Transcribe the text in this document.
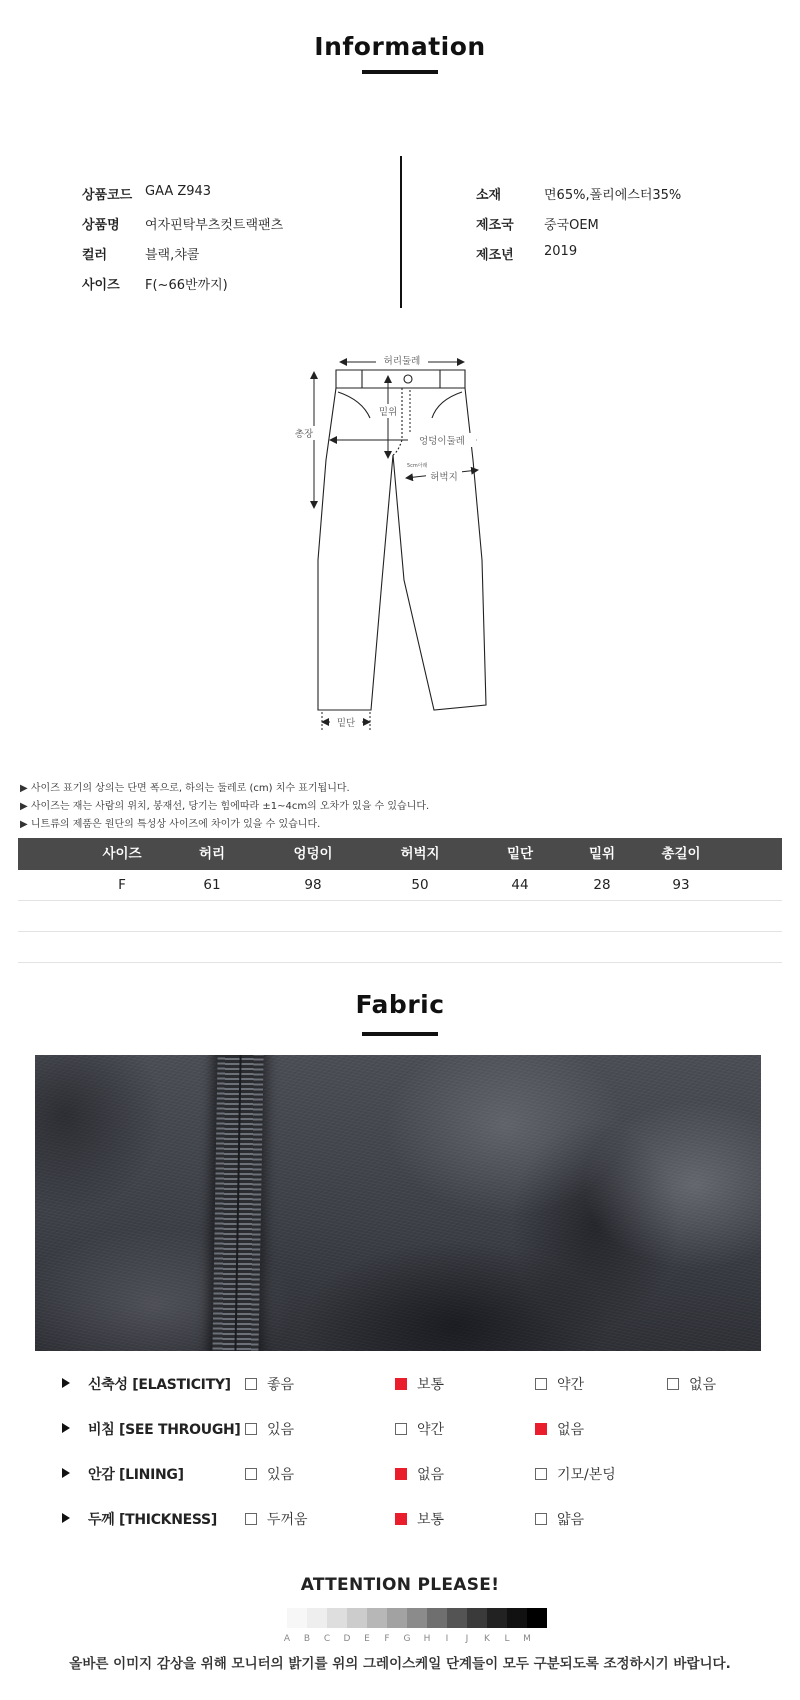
Information
상품코드 GAA Z943
상품명 여자핀탁부츠컷트랙팬츠
컬러	블랙,챠콜
사이즈 F(~66반까지)
소재	면65%,폴리에스터35%
제조국 중국OEM
제조년 2019
허리둘레
총장
밑위
엉덩이둘레
허벅지
밑단
5cm아래
▶ 사이즈 표기의 상의는 단면 폭으로, 하의는 둘레로 (cm) 치수 표기됩니다.
▶ 사이즈는 재는 사람의 위치, 봉재선, 당기는 힘에따라 ±1~4cm의 오차가 있을 수 있습니다.
▶ 니트류의 제품은 원단의 특성상 사이즈에 차이가 있을 수 있습니다.
사이즈	허리	엉덩이	허벅지	밑단	밑위	총길이
F	61	98	50	44	28	93
Fabric
신축성 [ELASTICITY]	좋음	보통	약간	없음
비침 [SEE THROUGH]	있음	약간	없음
안감 [LINING]	있음	없음	기모/본딩
두께 [THICKNESS]	두꺼움	보통	얇음
ATTENTION PLEASE!
A	B	C	D	E	F	G	H	I	J	K	L	M
올바른 이미지 감상을 위해 모니터의 밝기를 위의 그레이스케일 단계들이 모두 구분되도록 조정하시기 바랍니다.
